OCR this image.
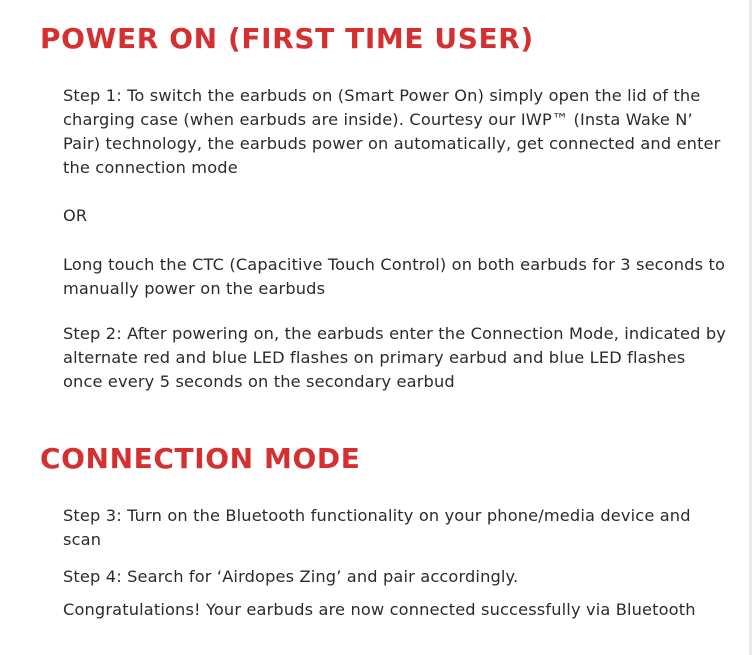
POWER ON (FIRST TIME USER)

Step 1: To switch the earbuds on (Smart Power On) simply open the lid of the charging case (when earbuds are inside). Courtesy our IWP™ (Insta Wake N’ Pair) technology, the earbuds power on automatically, get connected and enter the connection mode

OR

Long touch the CTC (Capacitive Touch Control) on both earbuds for 3 seconds to manually power on the earbuds

Step 2: After powering on, the earbuds enter the Connection Mode, indicated by alternate red and blue LED flashes on primary earbud and blue LED flashes once every 5 seconds on the secondary earbud

CONNECTION MODE

Step 3: Turn on the Bluetooth functionality on your phone/media device and scan

Step 4: Search for ‘Airdopes Zing’ and pair accordingly.

Congratulations! Your earbuds are now connected successfully via Bluetooth
